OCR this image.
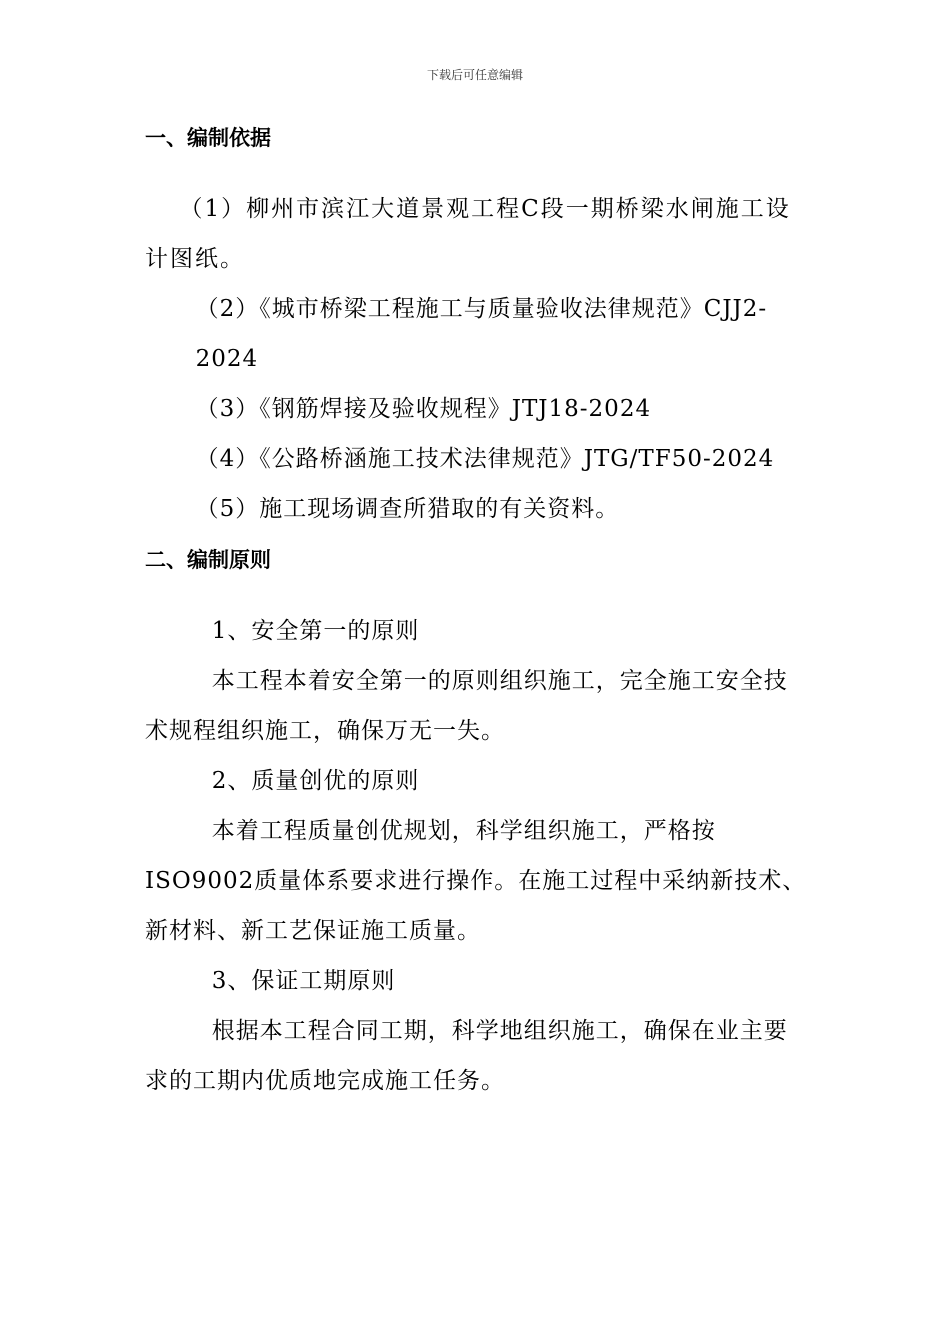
下载后可任意编辑
一、编制依据

（1）柳州市滨江大道景观工程C段一期桥梁水闸施工设计图纸。

（2）《城市桥梁工程施工与质量验收法律规范》CJJ2-2024

（3）《钢筋焊接及验收规程》JTJ18-2024

（4）《公路桥涵施工技术法律规范》JTG/TF50-2024

（5）施工现场调查所猎取的有关资料。

二、编制原则

1、安全第一的原则

本工程本着安全第一的原则组织施工，完全施工安全技术规程组织施工，确保万无一失。

2、质量创优的原则

本着工程质量创优规划，科学组织施工，严格按ISO9002质量体系要求进行操作。在施工过程中采纳新技术、新材料、新工艺保证施工质量。

3、保证工期原则

根据本工程合同工期，科学地组织施工，确保在业主要求的工期内优质地完成施工任务。
